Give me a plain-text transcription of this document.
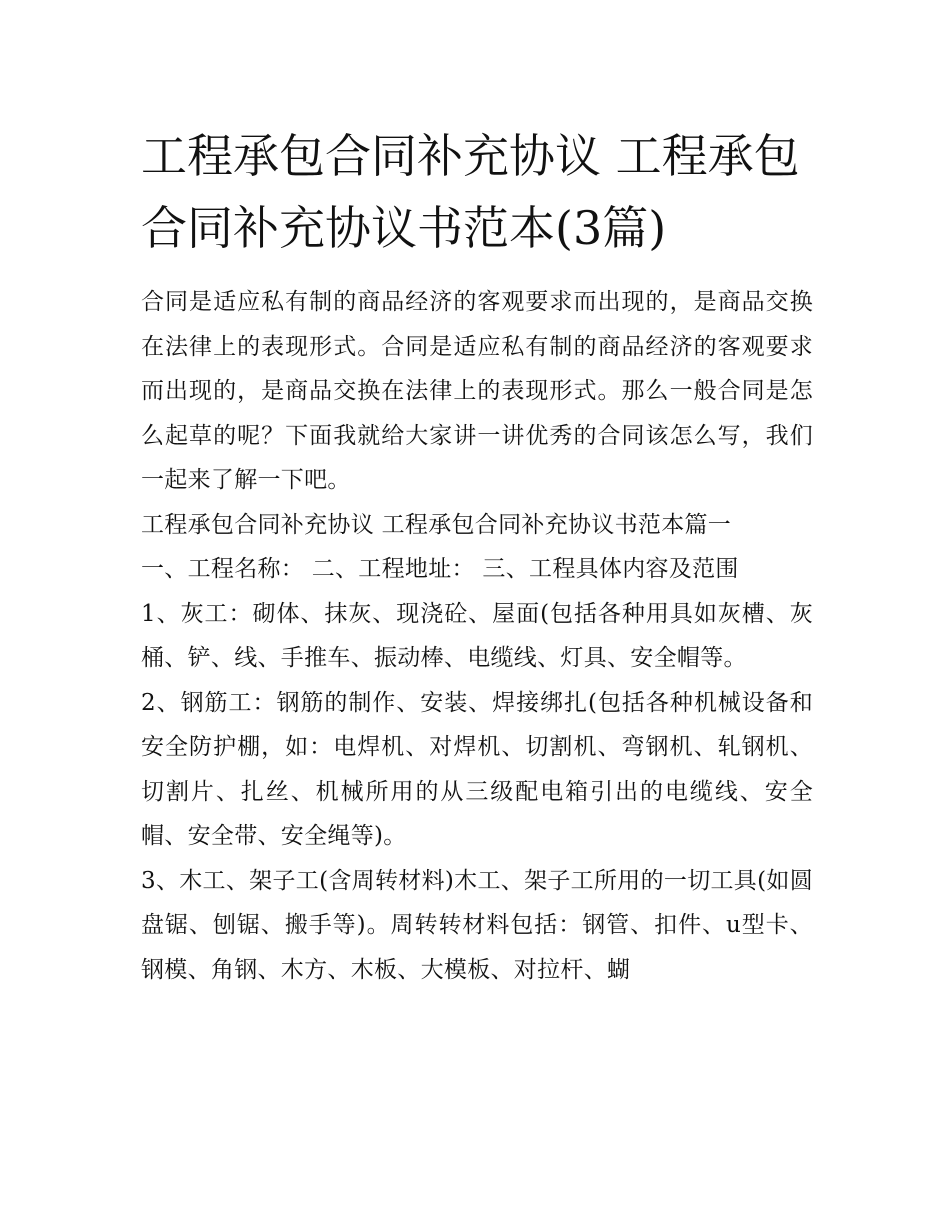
工程承包合同补充协议 工程承包合同补充协议书范本(3篇)

合同是适应私有制的商品经济的客观要求而出现的，是商品交换在法律上的表现形式。合同是适应私有制的商品经济的客观要求而出现的，是商品交换在法律上的表现形式。那么一般合同是怎么起草的呢？下面我就给大家讲一讲优秀的合同该怎么写，我们一起来了解一下吧。

工程承包合同补充协议 工程承包合同补充协议书范本篇一

一、工程名称： 二、工程地址： 三、工程具体内容及范围

1、灰工：砌体、抹灰、现浇砼、屋面(包括各种用具如灰槽、灰桶、铲、线、手推车、振动棒、电缆线、灯具、安全帽等。

2、钢筋工：钢筋的制作、安装、焊接绑扎(包括各种机械设备和安全防护棚，如：电焊机、对焊机、切割机、弯钢机、轧钢机、切割片、扎丝、机械所用的从三级配电箱引出的电缆线、安全帽、安全带、安全绳等)。

3、木工、架子工(含周转材料)木工、架子工所用的一切工具(如圆盘锯、刨锯、搬手等)。周转转材料包括：钢管、扣件、u型卡、钢模、角钢、木方、木板、大模板、对拉杆、蝴
